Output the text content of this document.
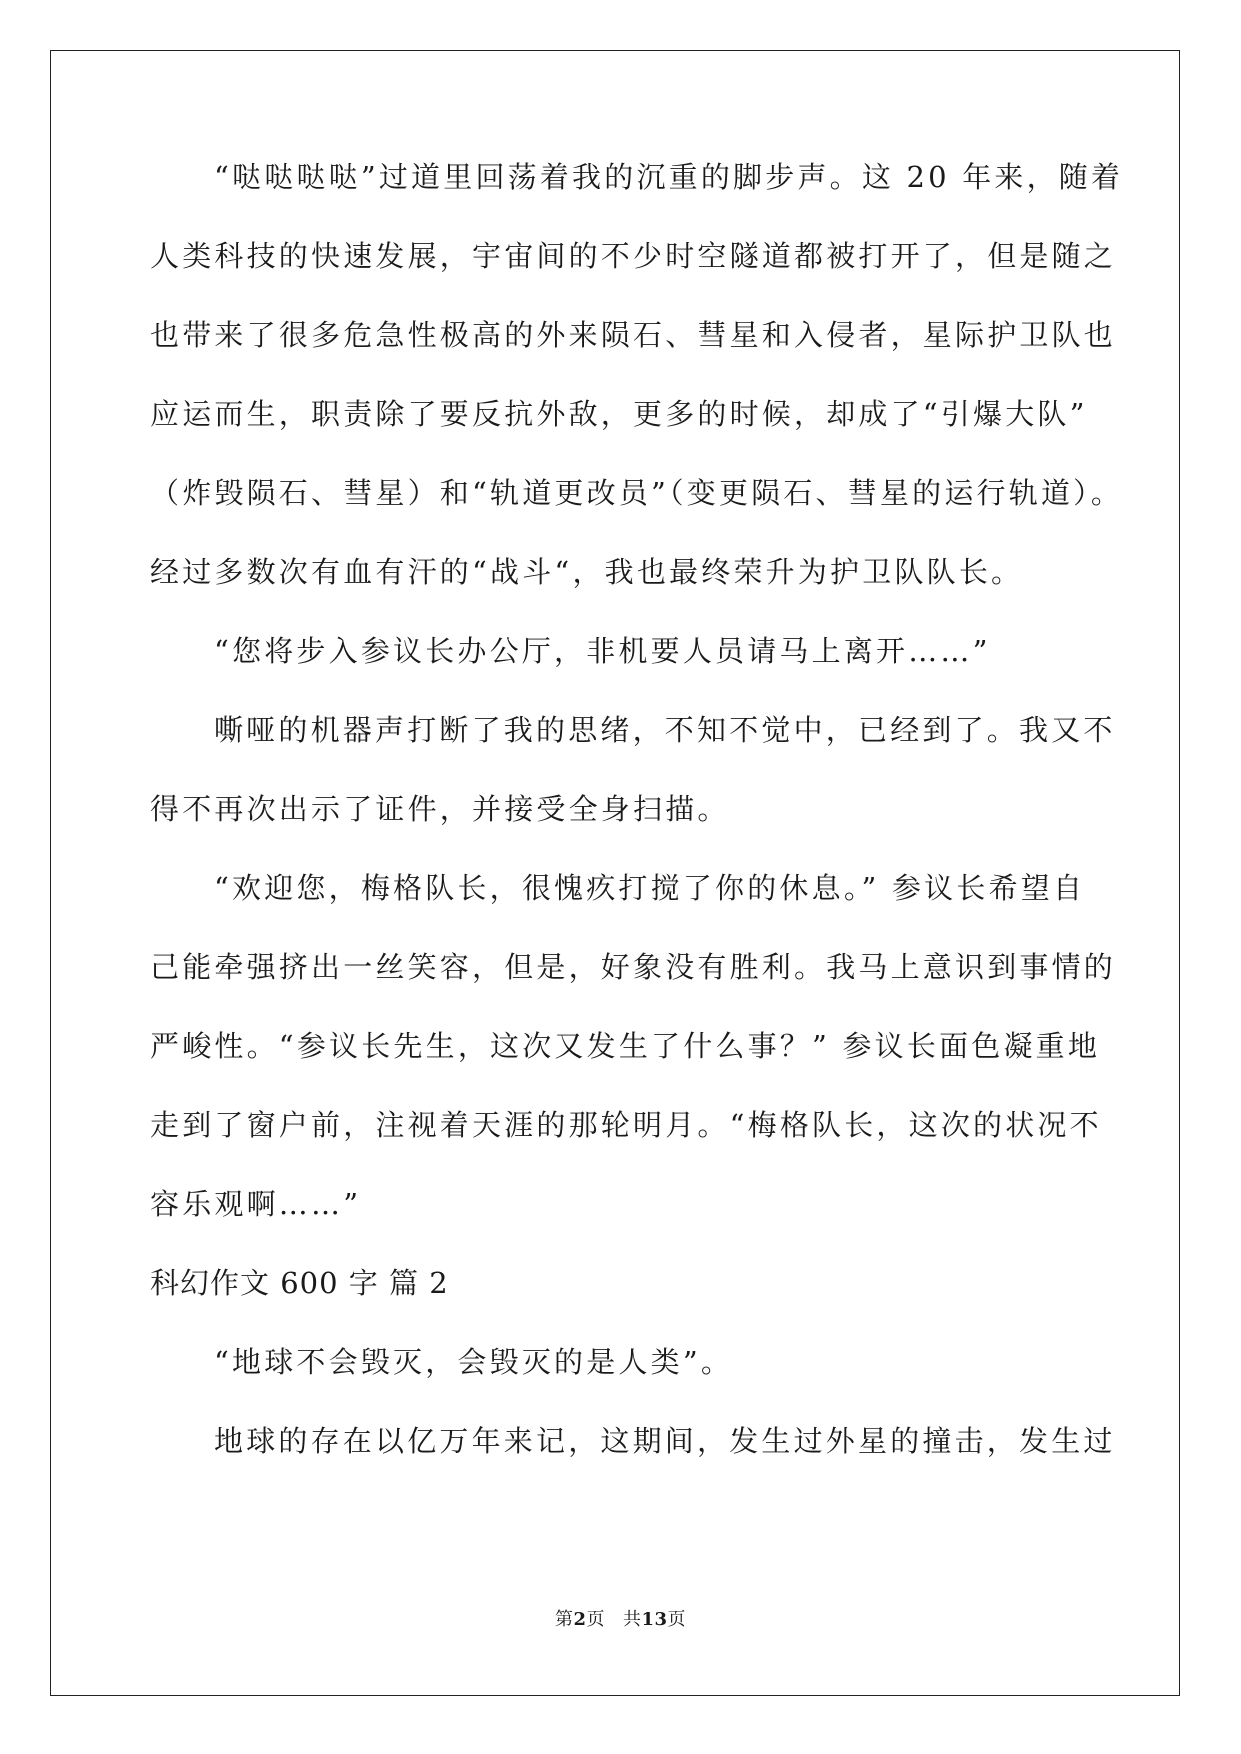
“哒哒哒哒”过道里回荡着我的沉重的脚步声。这 20 年来，随着
人类科技的快速发展，宇宙间的不少时空隧道都被打开了，但是随之
也带来了很多危急性极高的外来陨石、彗星和入侵者，星际护卫队也
应运而生，职责除了要反抗外敌，更多的时候，却成了“引爆大队”
（炸毁陨石、彗星）和“轨道更改员”（变更陨石、彗星的运行轨道）。
经过多数次有血有汗的“战斗“，我也最终荣升为护卫队队长。
“您将步入参议长办公厅，非机要人员请马上离开……”
嘶哑的机器声打断了我的思绪，不知不觉中，已经到了。我又不
得不再次出示了证件，并接受全身扫描。
“欢迎您，梅格队长，很愧疚打搅了你的休息。” 参议长希望自
己能牵强挤出一丝笑容，但是，好象没有胜利。我马上意识到事情的
严峻性。“参议长先生，这次又发生了什么事？” 参议长面色凝重地
走到了窗户前，注视着天涯的那轮明月。“梅格队长，这次的状况不
容乐观啊……”
科幻作文 600 字 篇 2
“地球不会毁灭，会毁灭的是人类”。
地球的存在以亿万年来记，这期间，发生过外星的撞击，发生过
第2页 共13页
